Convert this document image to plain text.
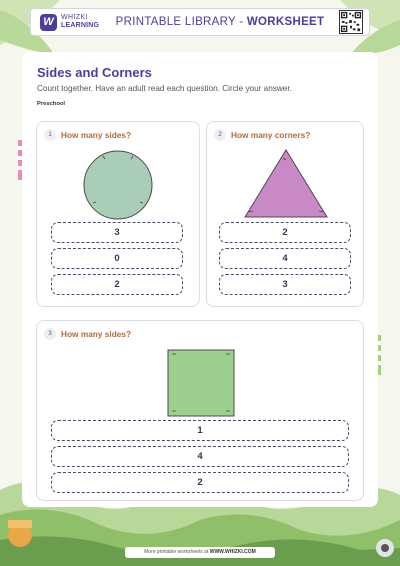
W	WHIZKI
LEARNING	PRINTABLE LIBRARY - WORKSHEET
Sides and Corners
Count together. Have an adult read each question. Circle your answer.
Preschool
1	How many sides?
3
0
2
2	How many corners?
2
4
3
3	How many sides?
1
4
2
More printable worksheets at WWW.WHIZKI.COM
